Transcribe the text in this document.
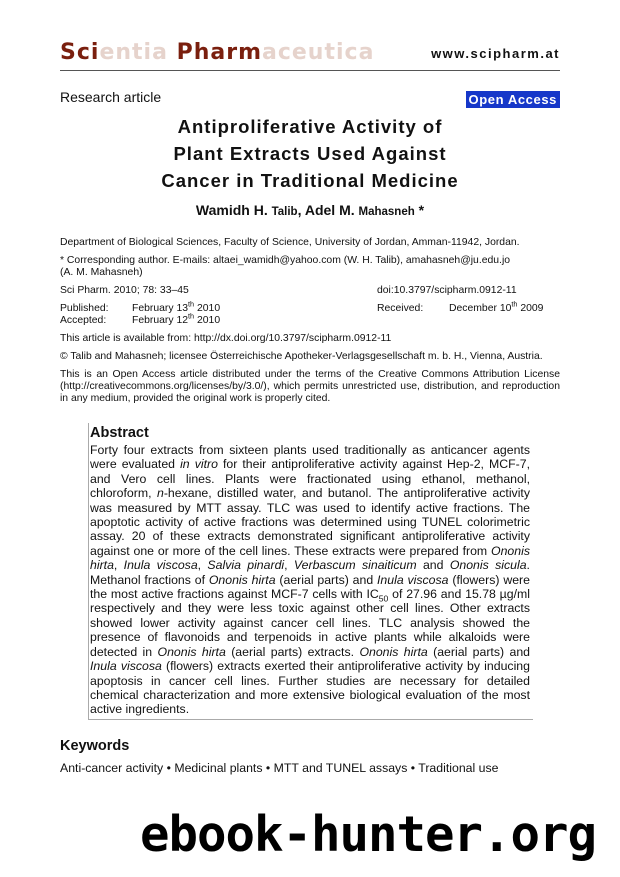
Scientia Pharmaceutica	www.scipharm.at
Research article	Open Access
Antiproliferative Activity of
Plant Extracts Used Against
Cancer in Traditional Medicine
Wamidh H. Talib, Adel M. Mahasneh *
Department of Biological Sciences, Faculty of Science, University of Jordan, Amman-11942, Jordan.
* Corresponding author. E-mails: altaei_wamidh@yahoo.com (W. H. Talib), amahasneh@ju.edu.jo (A. M. Mahasneh)
Sci Pharm. 2010; 78: 33–45	doi:10.3797/scipharm.0912-11
Published: February 13th 2010	Received: December 10th 2009
Accepted: February 12th 2010
This article is available from: http://dx.doi.org/10.3797/scipharm.0912-11
© Talib and Mahasneh; licensee Österreichische Apotheker-Verlagsgesellschaft m. b. H., Vienna, Austria.
This is an Open Access article distributed under the terms of the Creative Commons Attribution License (http://creativecommons.org/licenses/by/3.0/), which permits unrestricted use, distribution, and reproduction in any medium, provided the original work is properly cited.
Abstract
Forty four extracts from sixteen plants used traditionally as anticancer agents were evaluated in vitro for their antiproliferative activity against Hep-2, MCF-7, and Vero cell lines. Plants were fractionated using ethanol, methanol, chloroform, n-hexane, distilled water, and butanol. The antiproliferative activity was measured by MTT assay. TLC was used to identify active fractions. The apoptotic activity of active fractions was determined using TUNEL colorimetric assay. 20 of these extracts demonstrated significant antiproliferative activity against one or more of the cell lines. These extracts were prepared from Ononis hirta, Inula viscosa, Salvia pinardi, Verbascum sinaiticum and Ononis sicula. Methanol fractions of Ononis hirta (aerial parts) and Inula viscosa (flowers) were the most active fractions against MCF-7 cells with $IC_{50}$ of 27.96 and 15.78 µg/ml respectively and they were less toxic against other cell lines. Other extracts showed lower activity against cancer cell lines. TLC analysis showed the presence of flavonoids and terpenoids in active plants while alkaloids were detected in Ononis hirta (aerial parts) extracts. Ononis hirta (aerial parts) and Inula viscosa (flowers) extracts exerted their antiproliferative activity by inducing apoptosis in cancer cell lines. Further studies are necessary for detailed chemical characterization and more extensive biological evaluation of the most active ingredients.
Keywords
Anti-cancer activity • Medicinal plants • MTT and TUNEL assays • Traditional use
ebook-hunter.org
